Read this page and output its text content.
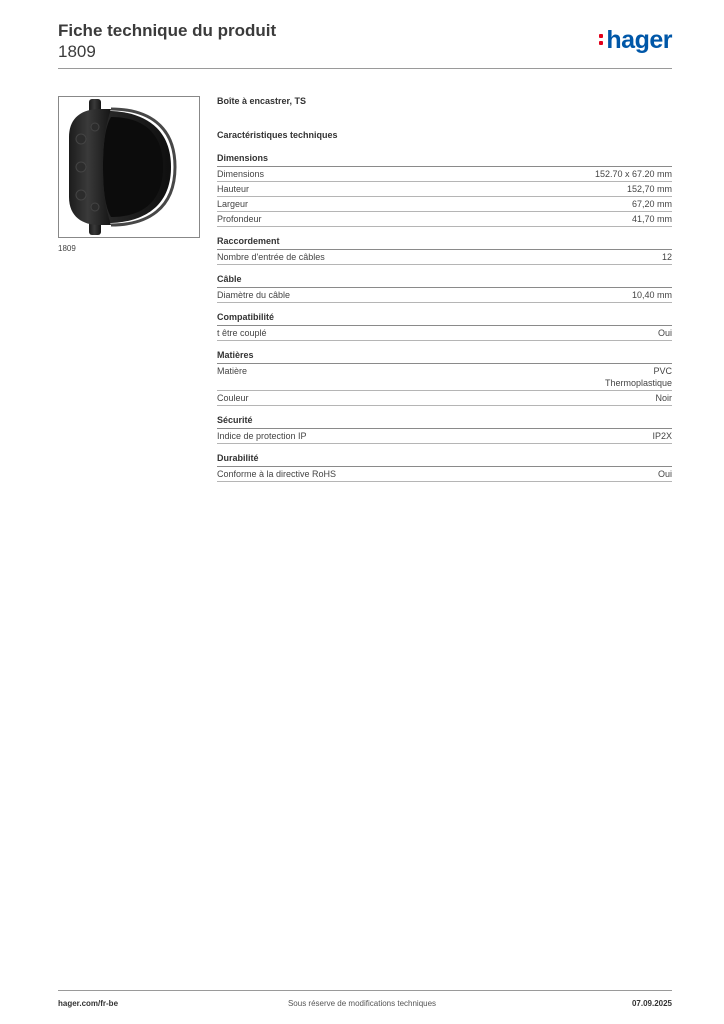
Fiche technique du produit
1809	hager
1809
Boîte à encastrer, TS
Caractéristiques techniques
Dimensions
Dimensions	152.70 x 67.20 mm
Hauteur	152,70 mm
Largeur	67,20 mm
Profondeur	41,70 mm
Raccordement
Nombre d'entrée de câbles	12
Câble
Diamètre du câble	10,40 mm
Compatibilité
t être couplé	Oui
Matières
Matière	PVC
Thermoplastique
Couleur	Noir
Sécurité
Indice de protection IP	IP2X
Durabilité
Conforme à la directive RoHS	Oui
hager.com/fr-be	Sous réserve de modifications techniques	07.09.2025
